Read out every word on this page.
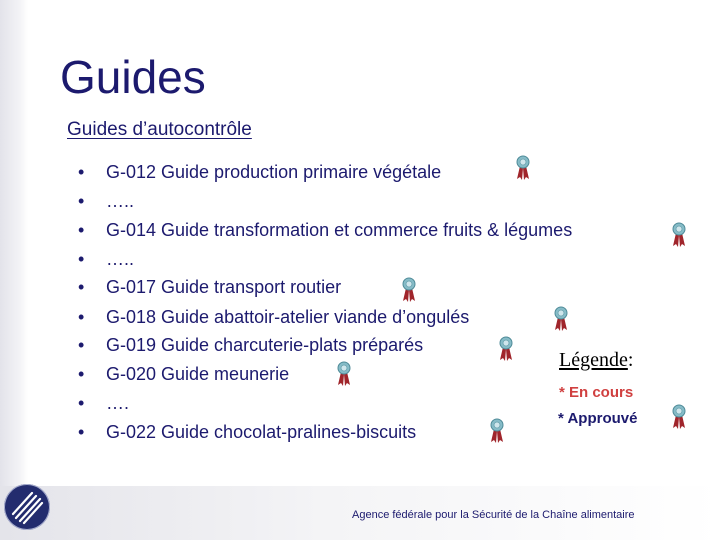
Guides
Guides d’autocontrôle
• G-012 Guide production primaire végétale
• …..
• G-014 Guide transformation et commerce fruits & légumes
• …..
• G-017 Guide transport routier
• G-018 Guide abattoir-atelier viande d’ongulés
• G-019 Guide charcuterie-plats préparés
• G-020 Guide meunerie
• ….
• G-022 Guide chocolat-pralines-biscuits
Légende:
* En cours
* Approuvé
Agence fédérale pour la Sécurité de la Chaîne alimentaire
